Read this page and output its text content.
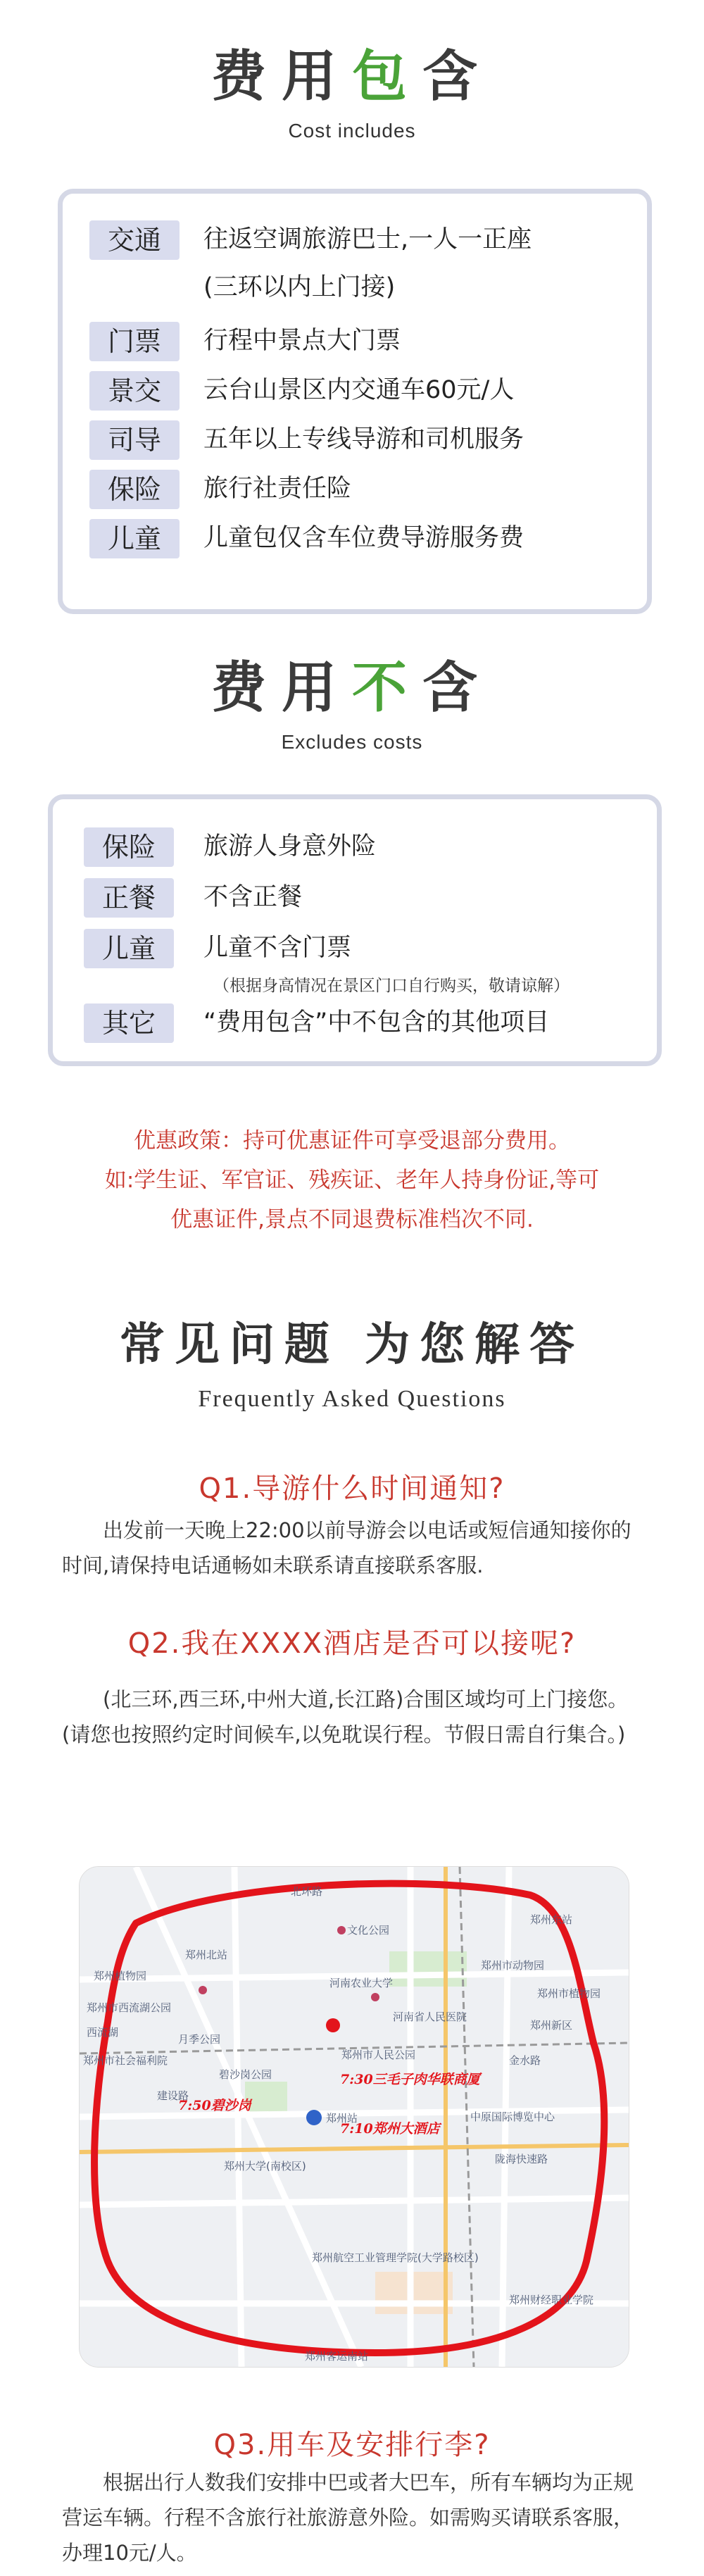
费用包含
Cost includes
交通	往返空调旅游巴士,一人一正座
(三环以内上门接)
门票	行程中景点大门票
景交	云台山景区内交通车60元/人
司导	五年以上专线导游和司机服务
保险	旅行社责任险
儿童	儿童包仅含车位费导游服务费
费用不含
Excludes costs
保险	旅游人身意外险
正餐	不含正餐
儿童	儿童不含门票
（根据身高情况在景区门口自行购买，敬请谅解）
其它	“费用包含”中不包含的其他项目

优惠政策：持可优惠证件可享受退部分费用。

如:学生证、军官证、残疾证、老年人持身份证,等可

优惠证件,景点不同退费标准档次不同.

常见问题 为您解答
Frequently Asked Questions
Q1.导游什么时间通知?

出发前一天晚上22:00以前导游会以电话或短信通知接你的时间,请保持电话通畅如未联系请直接联系客服.

Q2.我在XXXX酒店是否可以接呢?

(北三环,西三环,中州大道,长江路)合围区域均可上门接您。(请您也按照约定时间候车,以免耽误行程。节假日需自行集合。)

文化公园
郑州北站
河南农业大学
郑州市动物园
郑州市植物园
河南省人民医院
郑州市人民公园
碧沙岗公园
郑州站	中原国际博览中心
陇海快速路
郑州大学(南校区)
郑州航空工业管理学院(大学路校区)
郑州客运南站
金水路
建设路
郑州财经职业学院
月季公园
郑州市西流湖公园
西流湖
郑州市社会福利院
郑州植物园
北环路
郑州新区
郑州东站
7:30三毛子肉华联商厦
7:50碧沙岗
7:10郑州大酒店
Q3.用车及安排行李?

根据出行人数我们安排中巴或者大巴车，所有车辆均为正规营运车辆。行程不含旅行社旅游意外险。如需购买请联系客服，办理10元/人。
